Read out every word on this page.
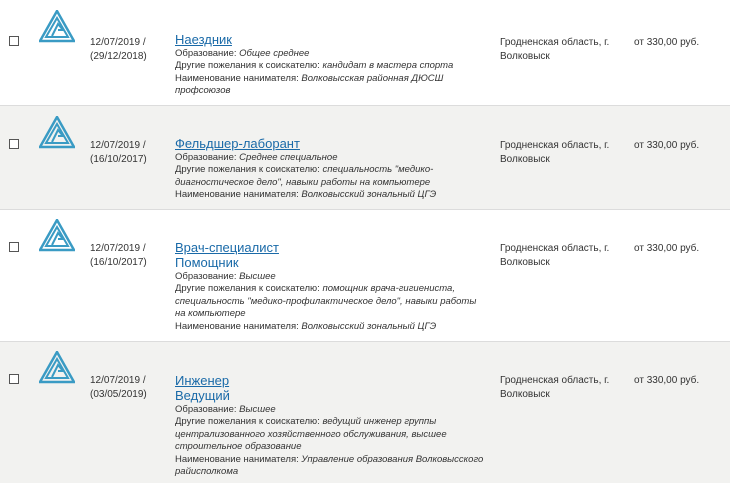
12/07/2019 /
(29/12/2018)
Наездник
Образование: Общее среднее
Другие пожелания к соискателю: кандидат в мастера спорта
Наименование нанимателя: Волковысская районная ДЮСШ профсоюзов
Гродненская область, г.
Волковыск
от 330,00 руб.
12/07/2019 /
(16/10/2017)
Фельдшер-лаборант
Образование: Среднее специальное
Другие пожелания к соискателю: специальность "медико-диагностическое дело", навыки работы на компьютере
Наименование нанимателя: Волковысский зональный ЦГЭ
Гродненская область, г.
Волковыск
от 330,00 руб.
12/07/2019 /
(16/10/2017)
Врач-специалист
Помощник
Образование: Высшее
Другие пожелания к соискателю: помощник врача-гигиениста, специальность "медико-профилактическое дело", навыки работы на компьютере
Наименование нанимателя: Волковысский зональный ЦГЭ
Гродненская область, г.
Волковыск
от 330,00 руб.
12/07/2019 /
(03/05/2019)
Инженер
Ведущий
Образование: Высшее
Другие пожелания к соискателю: ведущий инженер группы централизованного хозяйственного обслуживания, высшее строительное образование
Наименование нанимателя: Управление образования Волковысского райисполкома
Гродненская область, г.
Волковыск
от 330,00 руб.
